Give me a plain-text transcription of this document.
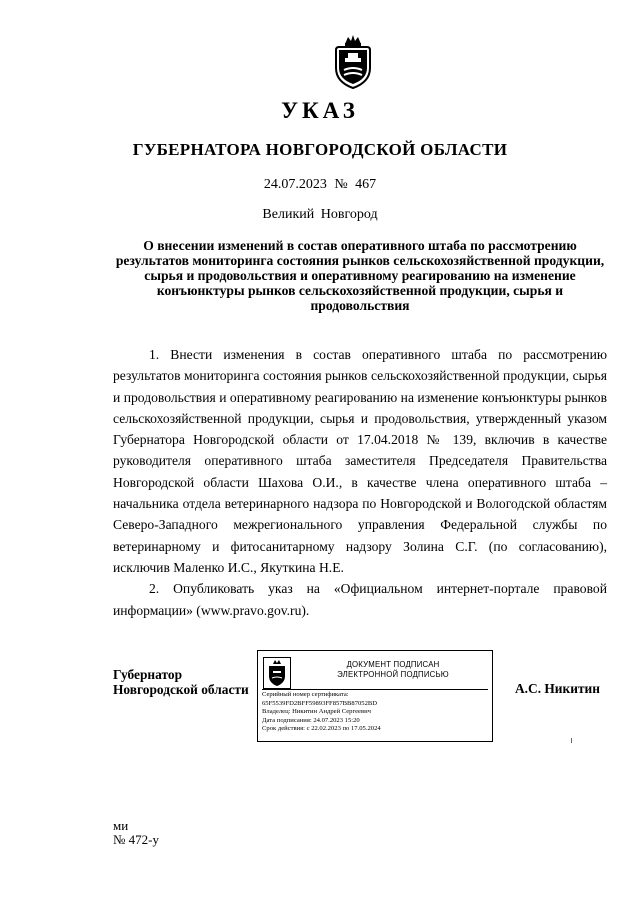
УКАЗ
ГУБЕРНАТОРА НОВГОРОДСКОЙ ОБЛАСТИ
24.07.2023 № 467
Великий Новгород
О внесении изменений в состав оперативного штаба по рассмотрению результатов мониторинга состояния рынков сельскохозяйственной продукции, сырья и продовольствия и оперативному реагированию на изменение конъюнктуры рынков сельскохозяйственной продукции, сырья и продовольствия

1. Внести изменения в состав оперативного штаба по рассмотрению результатов мониторинга состояния рынков сельскохозяйственной продукции, сырья и продовольствия и оперативному реагированию на изменение конъюнктуры рынков сельскохозяйственной продукции, сырья и продовольствия, утвержденный указом Губернатора Новгородской области от 17.04.2018 № 139, включив в качестве руководителя оперативного штаба заместителя Председателя Правительства Новгородской области Шахова О.И., в качестве члена оперативного штаба – начальника отдела ветеринарного надзора по Новгородской и Вологодской областям Северо-Западного межрегионального управления Федеральной службы по ветеринарному и фитосанитарному надзору Золина С.Г. (по согласованию), исключив Маленко И.С., Якуткина Н.Е.

2. Опубликовать указ на «Официальном интернет-портале правовой информации» (www.pravo.gov.ru).

Губернатор
Новгородской области
ДОКУМЕНТ ПОДПИСАН
ЭЛЕКТРОННОЙ ПОДПИСЬЮ
Серийный номер сертификата:
65F5539FD2BFF59893FF857BB87052BD
Владелец: Никитин Андрей Сергеевич
Дата подписания: 24.07.2023 15:20
Срок действия: с 22.02.2023 по 17.05.2024
А.С. Никитин
ми
№ 472-у
